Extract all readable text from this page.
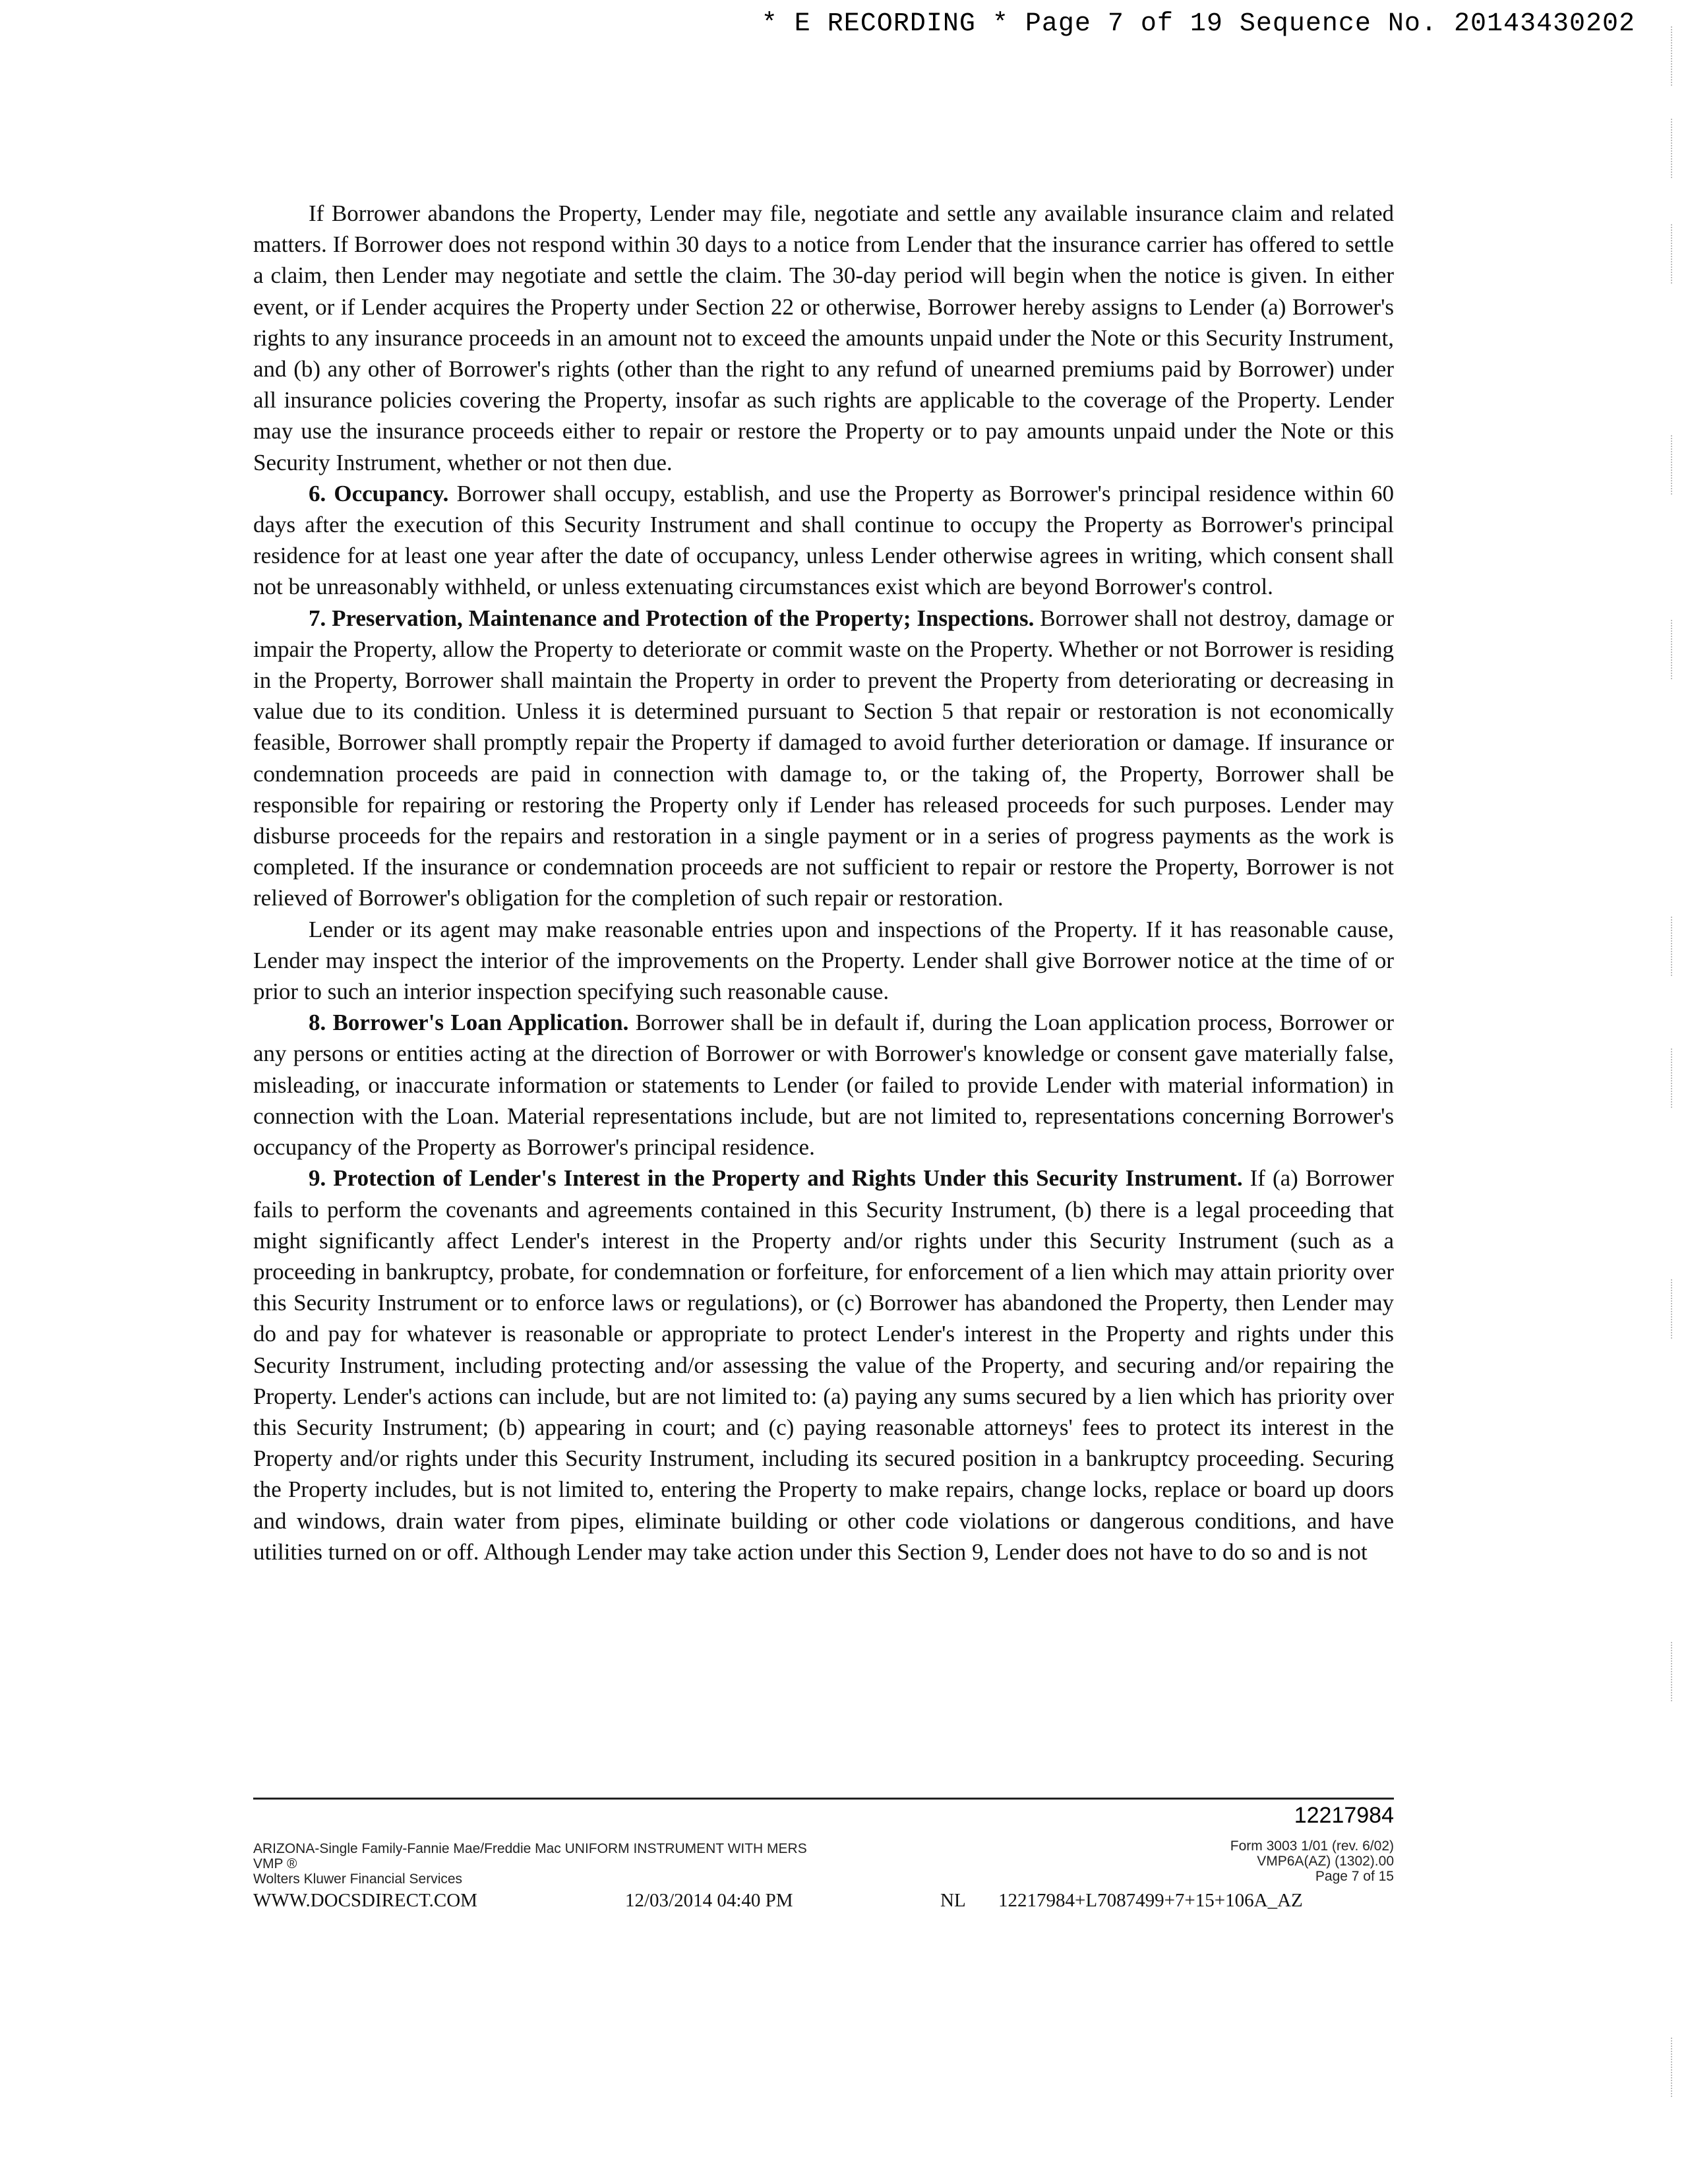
* E RECORDING * Page 7 of 19 Sequence No. 20143430202

If Borrower abandons the Property, Lender may file, negotiate and settle any available insurance claim and related matters. If Borrower does not respond within 30 days to a notice from Lender that the insurance carrier has offered to settle a claim, then Lender may negotiate and settle the claim. The 30-day period will begin when the notice is given. In either event, or if Lender acquires the Property under Section 22 or otherwise, Borrower hereby assigns to Lender (a) Borrower's rights to any insurance proceeds in an amount not to exceed the amounts unpaid under the Note or this Security Instrument, and (b) any other of Borrower's rights (other than the right to any refund of unearned premiums paid by Borrower) under all insurance policies covering the Property, insofar as such rights are applicable to the coverage of the Property. Lender may use the insurance proceeds either to repair or restore the Property or to pay amounts unpaid under the Note or this Security Instrument, whether or not then due.

6. Occupancy. Borrower shall occupy, establish, and use the Property as Borrower's principal residence within 60 days after the execution of this Security Instrument and shall continue to occupy the Property as Borrower's principal residence for at least one year after the date of occupancy, unless Lender otherwise agrees in writing, which consent shall not be unreasonably withheld, or unless extenuating circumstances exist which are beyond Borrower's control.

7. Preservation, Maintenance and Protection of the Property; Inspections. Borrower shall not destroy, damage or impair the Property, allow the Property to deteriorate or commit waste on the Property. Whether or not Borrower is residing in the Property, Borrower shall maintain the Property in order to prevent the Property from deteriorating or decreasing in value due to its condition. Unless it is determined pursuant to Section 5 that repair or restoration is not economically feasible, Borrower shall promptly repair the Property if damaged to avoid further deterioration or damage. If insurance or condemnation proceeds are paid in connection with damage to, or the taking of, the Property, Borrower shall be responsible for repairing or restoring the Property only if Lender has released proceeds for such purposes. Lender may disburse proceeds for the repairs and restoration in a single payment or in a series of progress payments as the work is completed. If the insurance or condemnation proceeds are not sufficient to repair or restore the Property, Borrower is not relieved of Borrower's obligation for the completion of such repair or restoration.

Lender or its agent may make reasonable entries upon and inspections of the Property. If it has reasonable cause, Lender may inspect the interior of the improvements on the Property. Lender shall give Borrower notice at the time of or prior to such an interior inspection specifying such reasonable cause.

8. Borrower's Loan Application. Borrower shall be in default if, during the Loan application process, Borrower or any persons or entities acting at the direction of Borrower or with Borrower's knowledge or consent gave materially false, misleading, or inaccurate information or statements to Lender (or failed to provide Lender with material information) in connection with the Loan. Material representations include, but are not limited to, representations concerning Borrower's occupancy of the Property as Borrower's principal residence.

9. Protection of Lender's Interest in the Property and Rights Under this Security Instrument. If (a) Borrower fails to perform the covenants and agreements contained in this Security Instrument, (b) there is a legal proceeding that might significantly affect Lender's interest in the Property and/or rights under this Security Instrument (such as a proceeding in bankruptcy, probate, for condemnation or forfeiture, for enforcement of a lien which may attain priority over this Security Instrument or to enforce laws or regulations), or (c) Borrower has abandoned the Property, then Lender may do and pay for whatever is reasonable or appropriate to protect Lender's interest in the Property and rights under this Security Instrument, including protecting and/or assessing the value of the Property, and securing and/or repairing the Property. Lender's actions can include, but are not limited to: (a) paying any sums secured by a lien which has priority over this Security Instrument; (b) appearing in court; and (c) paying reasonable attorneys' fees to protect its interest in the Property and/or rights under this Security Instrument, including its secured position in a bankruptcy proceeding. Securing the Property includes, but is not limited to, entering the Property to make repairs, change locks, replace or board up doors and windows, drain water from pipes, eliminate building or other code violations or dangerous conditions, and have utilities turned on or off. Although Lender may take action under this Section 9, Lender does not have to do so and is not

12217984
ARIZONA-Single Family-Fannie Mae/Freddie Mac UNIFORM INSTRUMENT WITH MERS
VMP ®
Wolters Kluwer Financial Services
Form 3003 1/01 (rev. 6/02)
VMP6A(AZ) (1302).00
Page 7 of 15
WWW.DOCSDIRECT.COM	12/03/2014 04:40 PM	NL 12217984+L7087499+7+15+106A_AZ
